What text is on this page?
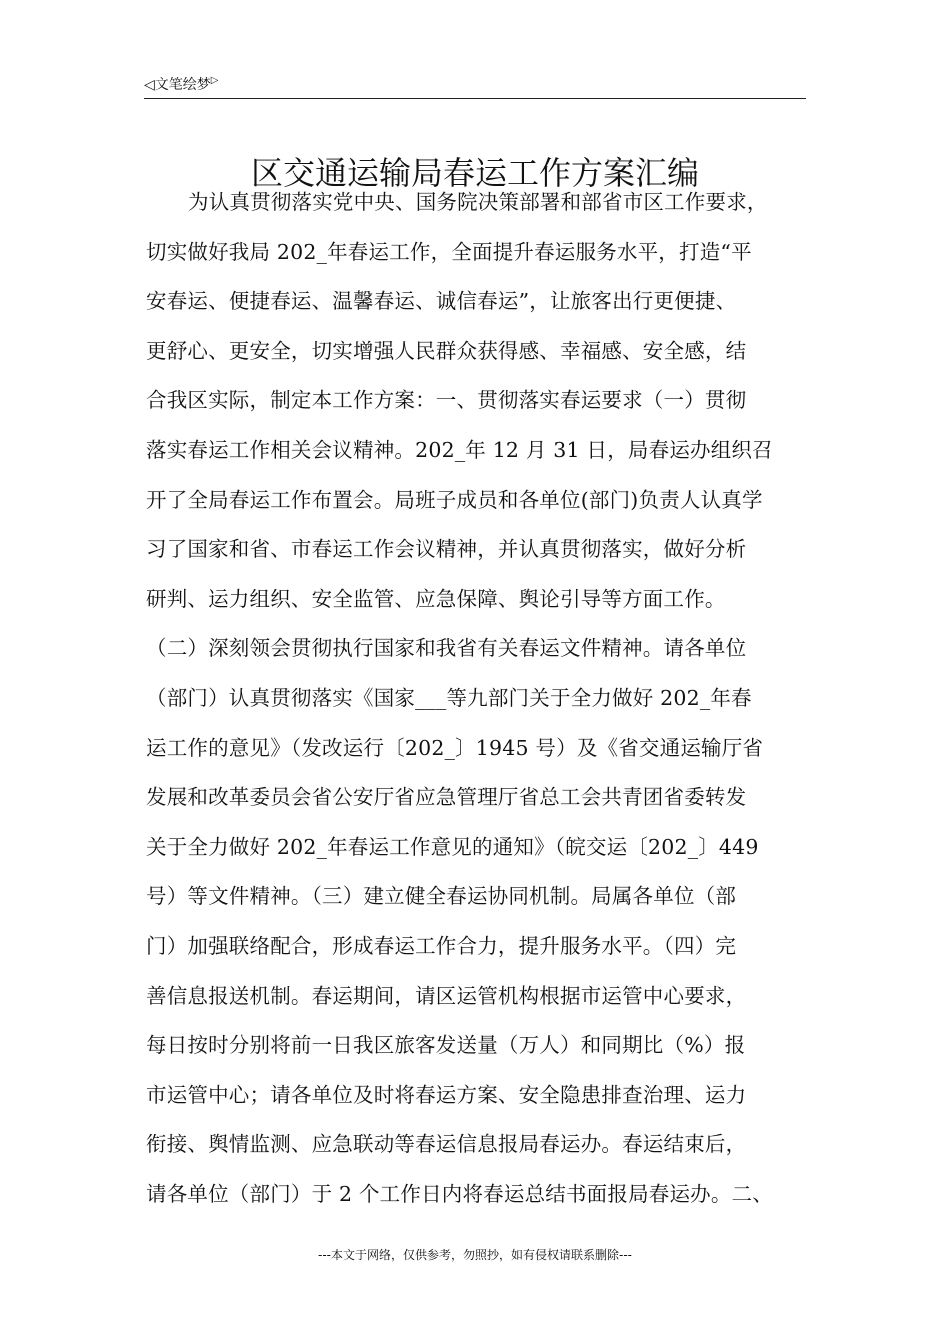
◁ 文笔绘梦 ▷
区交通运输局春运工作方案汇编
为认真贯彻落实党中央、国务院决策部署和部省市区工作要求，
切实做好我局 202_年春运工作，全面提升春运服务水平，打造“平
安春运、便捷春运、温馨春运、诚信春运”，让旅客出行更便捷、
更舒心、更安全，切实增强人民群众获得感、幸福感、安全感，结
合我区实际，制定本工作方案：一、贯彻落实春运要求（一）贯彻
落实春运工作相关会议精神。202_年 12 月 31 日，局春运办组织召
开了全局春运工作布置会。局班子成员和各单位(部门)负责人认真学
习了国家和省、市春运工作会议精神，并认真贯彻落实，做好分析
研判、运力组织、安全监管、应急保障、舆论引导等方面工作。
（二）深刻领会贯彻执行国家和我省有关春运文件精神。请各单位
（部门）认真贯彻落实《国家___等九部门关于全力做好 202_年春
运工作的意见》（发改运行〔202_〕1945 号）及《省交通运输厅省
发展和改革委员会省公安厅省应急管理厅省总工会共青团省委转发
关于全力做好 202_年春运工作意见的通知》（皖交运〔202_〕449
号）等文件精神。（三）建立健全春运协同机制。局属各单位（部
门）加强联络配合，形成春运工作合力，提升服务水平。（四）完
善信息报送机制。春运期间，请区运管机构根据市运管中心要求，
每日按时分别将前一日我区旅客发送量（万人）和同期比（%）报
市运管中心；请各单位及时将春运方案、安全隐患排查治理、运力
衔接、舆情监测、应急联动等春运信息报局春运办。春运结束后，
请各单位（部门）于 2 个工作日内将春运总结书面报局春运办。二、
---本文于网络，仅供参考，勿照抄，如有侵权请联系删除---
